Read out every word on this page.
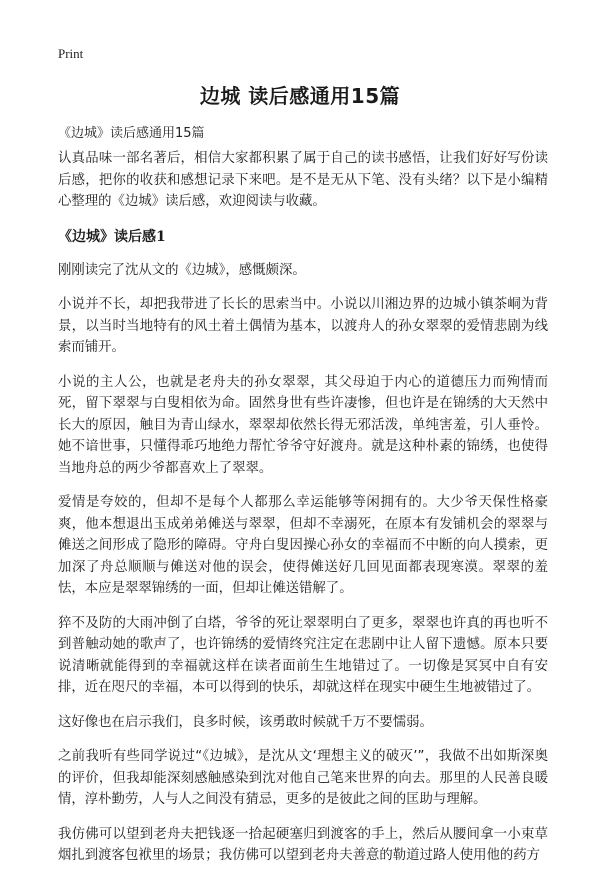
Print
边城 读后感通用15篇
《边城》读后感通用15篇

认真品味一部名著后，相信大家都积累了属于自己的读书感悟，让我们好好写份读后感，把你的收获和感想记录下来吧。是不是无从下笔、没有头绪？以下是小编精心整理的《边城》读后感，欢迎阅读与收藏。

《边城》读后感1

刚刚读完了沈从文的《边城》，感慨颇深。

小说并不长，却把我带进了长长的思索当中。小说以川湘边界的边城小镇茶峒为背景，以当时当地特有的风土着土偶情为基本，以渡舟人的孙女翠翠的爱情悲剧为线索而铺开。

小说的主人公，也就是老舟夫的孙女翠翠，其父母迫于内心的道德压力而殉情而死，留下翠翠与白叟相依为命。固然身世有些许凄惨，但也许是在锦绣的大天然中长大的原因，触目为青山绿水，翠翠却依然长得无邪活泼，单纯害羞，引人垂怜。她不谙世事，只懂得乖巧地绝力帮忙爷爷守好渡舟。就是这种朴素的锦绣，也使得当地舟总的两少爷都喜欢上了翠翠。

爱情是夸姣的，但却不是每个人都那么幸运能够等闲拥有的。大少爷天保性格豪爽，他本想退出玉成弟弟傩送与翠翠，但却不幸溺死，在原本有发铺机会的翠翠与傩送之间形成了隐形的障碍。守舟白叟因操心孙女的幸福而不中断的向人摸索，更加深了舟总顺顺与傩送对他的误会，使得傩送好几回见面都表现寒漠。翠翠的羞怯，本应是翠翠锦绣的一面，但却让傩送错解了。

猝不及防的大雨冲倒了白塔，爷爷的死让翠翠明白了更多，翠翠也许真的再也听不到普触动她的歌声了，也许锦绣的爱情终究注定在悲剧中让人留下遗憾。原本只要说清晰就能得到的幸福就这样在读者面前生生地错过了。一切像是冥冥中自有安排，近在咫尺的幸福，本可以得到的快乐，却就这样在现实中硬生生地被错过了。

这好像也在启示我们，良多时候，该勇敢时候就千万不要懦弱。

之前我听有些同学说过“《边城》，是沈从文‘理想主义的破灭’”，我做不出如斯深奥的评价，但我却能深刻感触感染到沈对他自己笔来世界的向去。那里的人民善良暖情，淳朴勤劳，人与人之间没有猜忌，更多的是彼此之间的匡助与理解。

我仿佛可以望到老舟夫把钱逐一拾起硬塞归到渡客的手上，然后从腰间拿一小束草烟扎到渡客包袱里的场景；我仿佛可以望到老舟夫善意的勒道过路人使用他的药方
